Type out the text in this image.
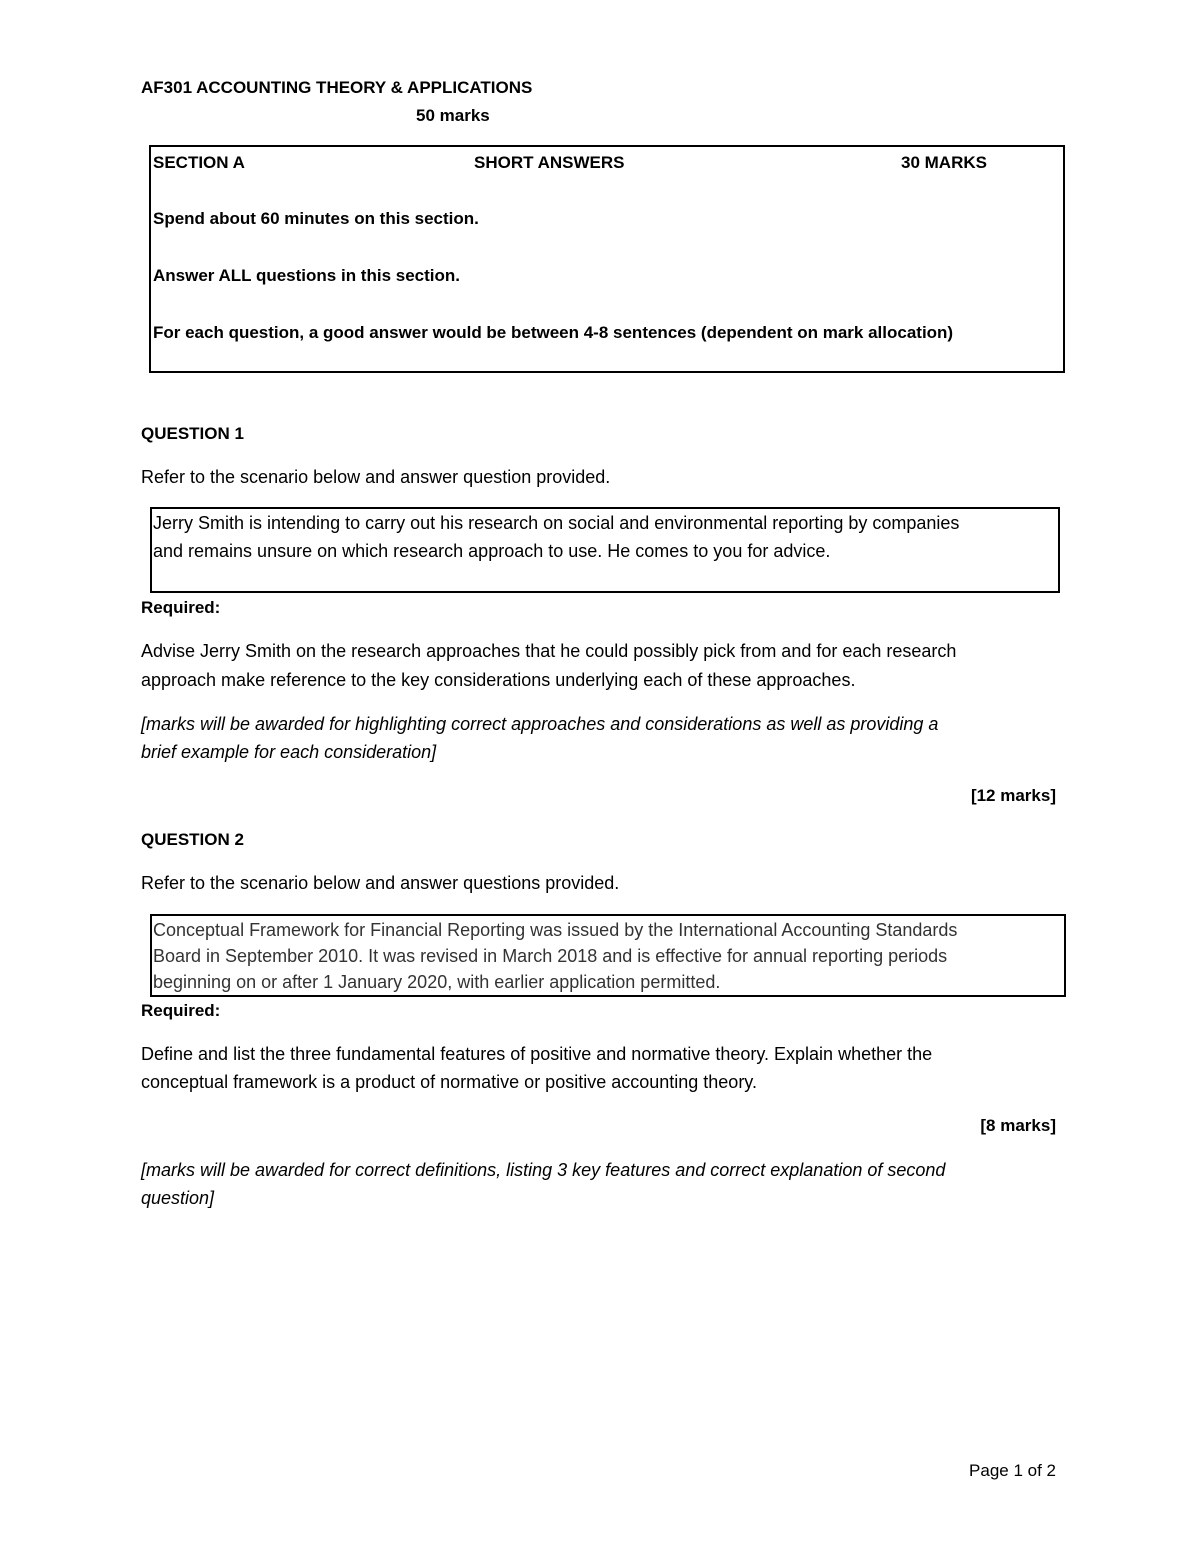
AF301 ACCOUNTING THEORY & APPLICATIONS
50 marks
SECTION A	SHORT ANSWERS	30 MARKS
Spend about 60 minutes on this section.
Answer ALL questions in this section.
For each question, a good answer would be between 4-8 sentences (dependent on mark allocation)
QUESTION 1
Refer to the scenario below and answer question provided.
Jerry Smith is intending to carry out his research on social and environmental reporting by companies
and remains unsure on which research approach to use. He comes to you for advice.
Required:
Advise Jerry Smith on the research approaches that he could possibly pick from and for each research
approach make reference to the key considerations underlying each of these approaches.
[marks will be awarded for highlighting correct approaches and considerations as well as providing a
brief example for each consideration]
[12 marks]
QUESTION 2
Refer to the scenario below and answer questions provided.
Conceptual Framework for Financial Reporting was issued by the International Accounting Standards
Board in September 2010. It was revised in March 2018 and is effective for annual reporting periods
beginning on or after 1 January 2020, with earlier application permitted.
Required:
Define and list the three fundamental features of positive and normative theory. Explain whether the
conceptual framework is a product of normative or positive accounting theory.
[8 marks]
[marks will be awarded for correct definitions, listing 3 key features and correct explanation of second
question]
Page 1 of 2
